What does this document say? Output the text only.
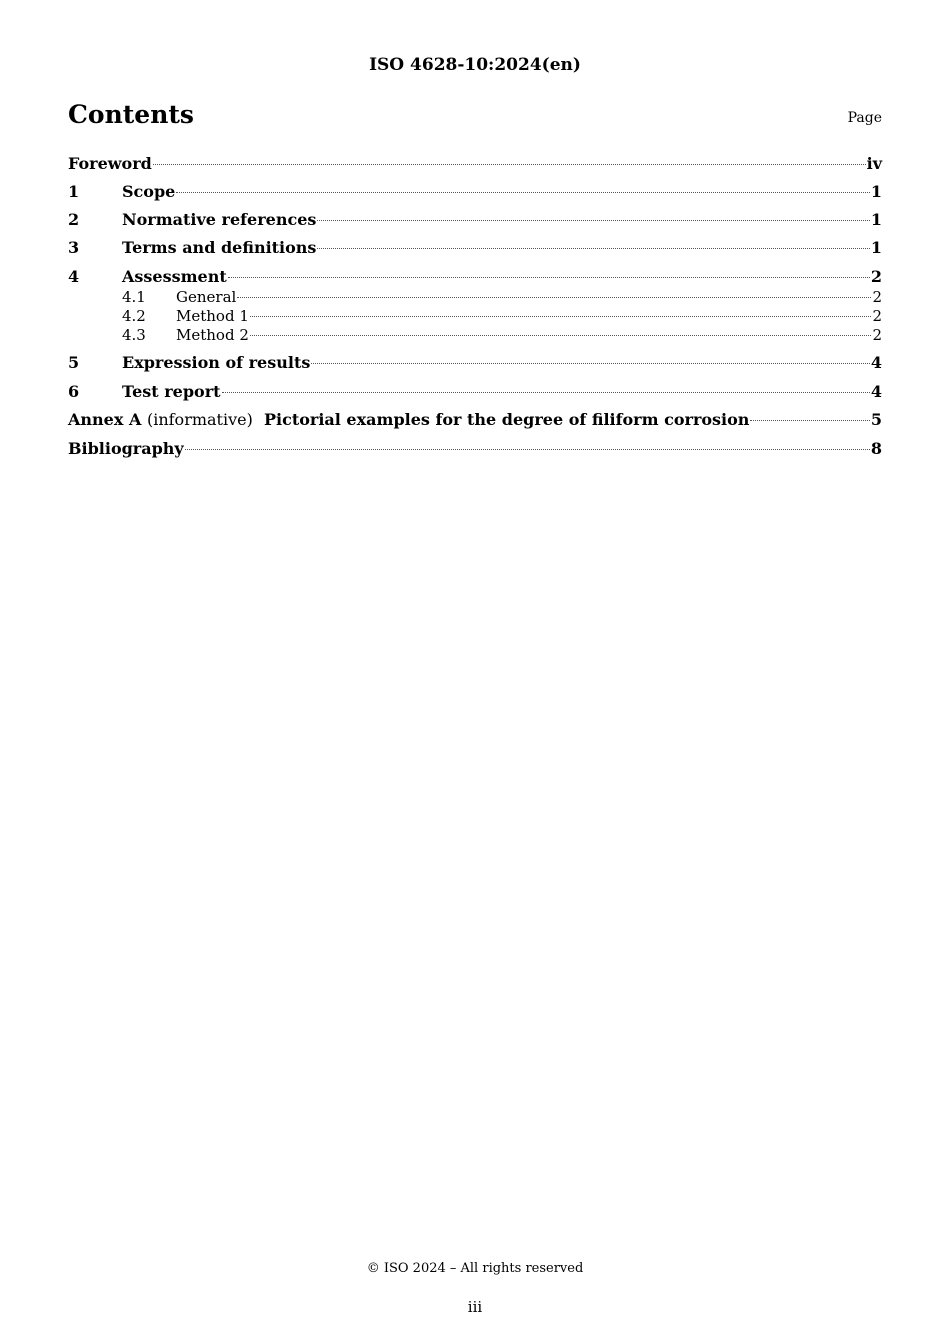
ISO 4628-10:2024(en)
Contents	Page
Foreword	iv
1	Scope	1
2	Normative references	1
3	Terms and definitions	1
4	Assessment	2
4.1	General	2
4.2	Method 1	2
4.3	Method 2	2
5	Expression of results	4
6	Test report	4
Annex A (informative) Pictorial examples for the degree of filiform corrosion	5
Bibliography	8
© ISO 2024 – All rights reserved
iii
